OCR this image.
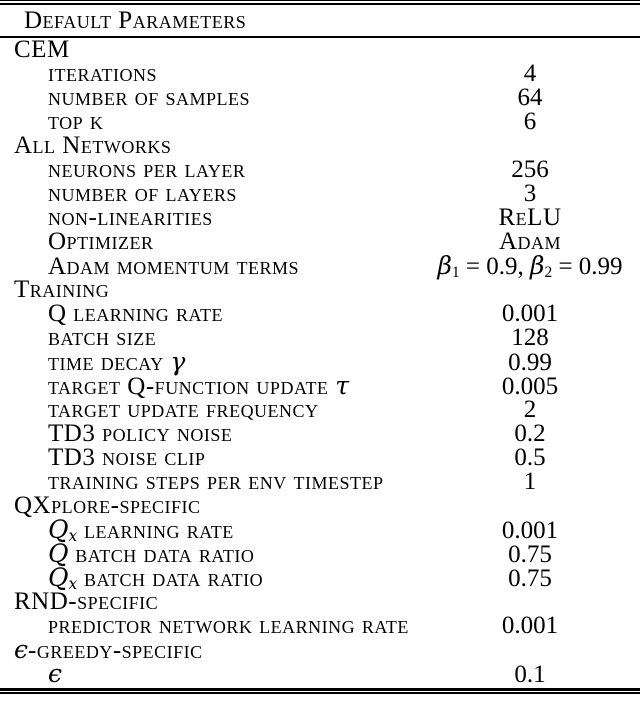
Default Parameters
CEM
iterations	4
number of samples	64
top k	6
All Networks
neurons per layer	256
number of layers	3
non-linearities	ReLU
Optimizer	Adam
Adam momentum terms	β1 = 0.9, β2 = 0.99
Training
Q learning rate	0.001
batch size	128
time decay γ	0.99
target Q-function update τ	0.005
target update frequency	2
TD3 policy noise	0.2
TD3 noise clip	0.5
training steps per env timestep	1
QXplore-specific
Qx learning rate	0.001
Q batch data ratio	0.75
Qx batch data ratio	0.75
RND-specific
predictor network learning rate	0.001
ϵ-greedy-specific
ϵ	0.1
